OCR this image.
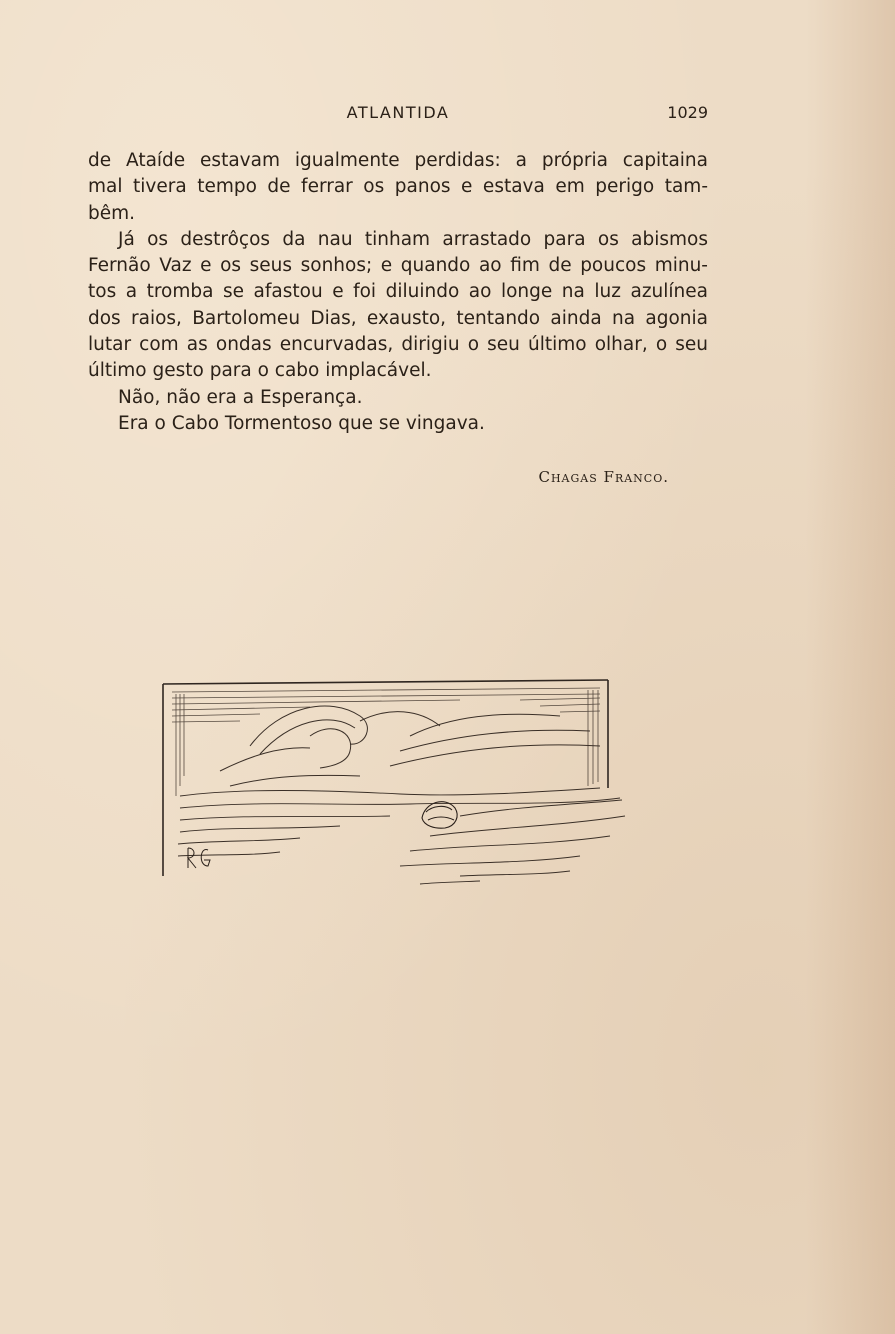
ATLANTIDA	1029

de Ataíde estavam igualmente perdidas: a própria capitaina
mal tivera tempo de ferrar os panos e estava em perigo tam-
bêm.

Já os destrôços da nau tinham arrastado para os abismos
Fernão Vaz e os seus sonhos; e quando ao fim de poucos minu-
tos a tromba se afastou e foi diluindo ao longe na luz azulínea
dos raios, Bartolomeu Dias, exausto, tentando ainda na agonia
lutar com as ondas encurvadas, dirigiu o seu último olhar, o seu
último gesto para o cabo implacável.

Não, não era a Esperança.

Era o Cabo Tormentoso que se vingava.

Chagas Franco.
